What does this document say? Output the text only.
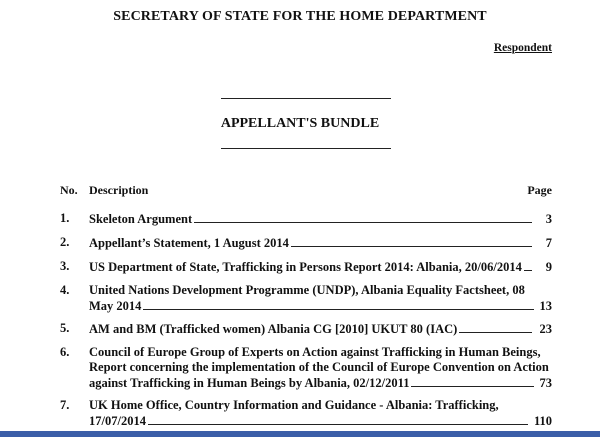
SECRETARY OF STATE FOR THE HOME DEPARTMENT
Respondent
APPELLANT'S BUNDLE
No. Description	Page
1. Skeleton Argument	3
2. Appellant’s Statement, 1 August 2014	7
3. US Department of State, Trafficking in Persons Report 2014: Albania, 20/06/2014	9
4. United Nations Development Programme (UNDP), Albania Equality Factsheet, 08
May 2014	13
5. AM and BM (Trafficked women) Albania CG [2010] UKUT 80 (IAC)	23
6. Council of Europe Group of Experts on Action against Trafficking in Human Beings,
Report concerning the implementation of the Council of Europe Convention on Action
against Trafficking in Human Beings by Albania, 02/12/2011	73
7. UK Home Office, Country Information and Guidance - Albania: Trafficking,
17/07/2014	110
